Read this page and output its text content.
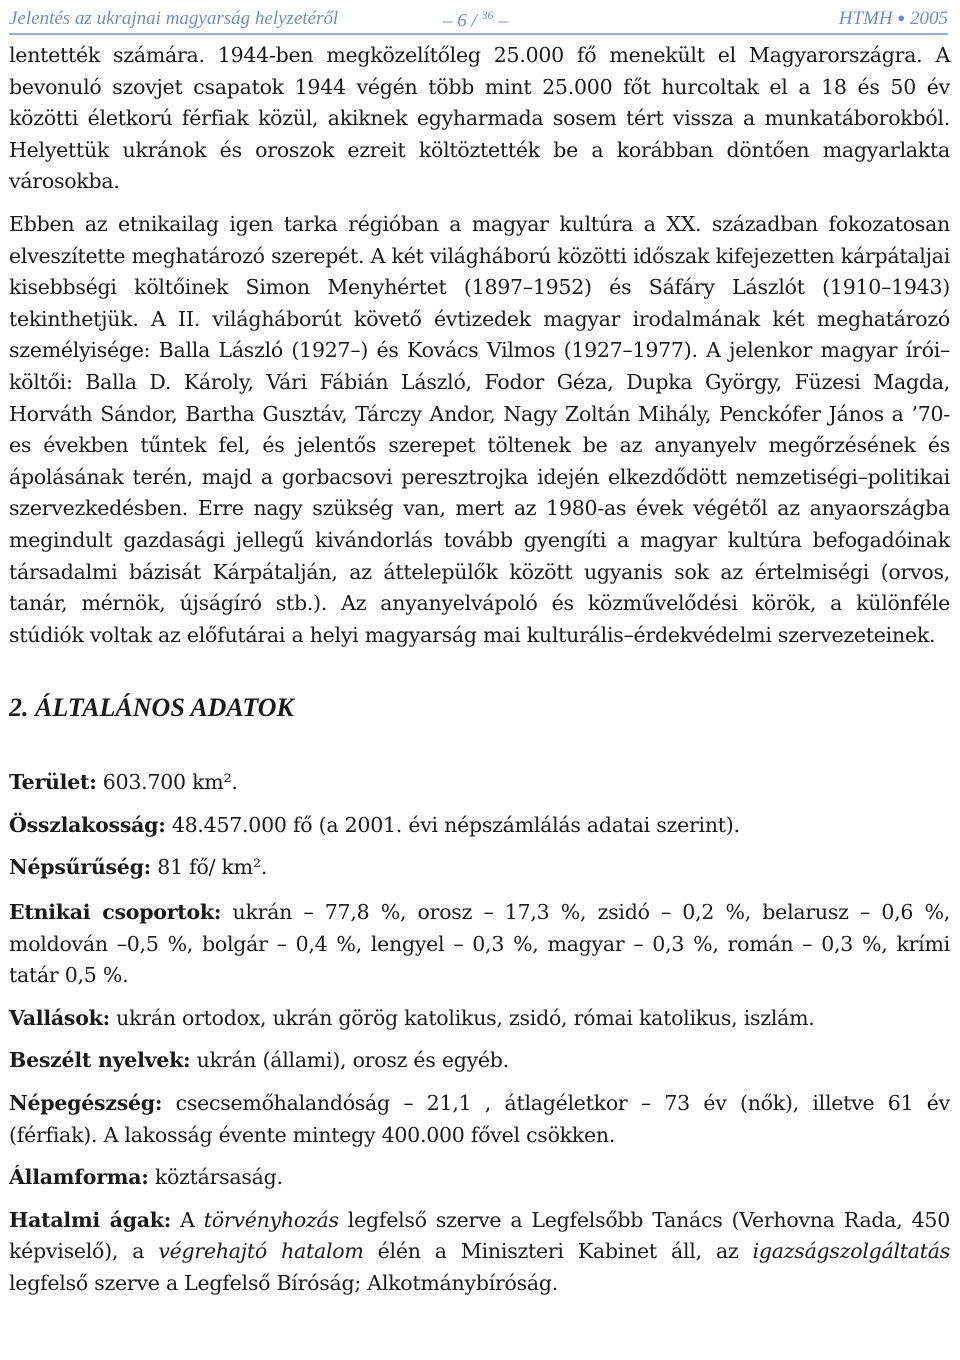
Jelentés az ukrajnai magyarság helyzetéről	– 6 / $^{36}$ –	HTMH ● 2005

lentették számára. 1944-ben megközelítőleg 25.000 fő menekült el Magyarországra. A bevonuló szovjet csapatok 1944 végén több mint 25.000 főt hurcoltak el a 18 és 50 év közötti életkorú férfiak közül, akiknek egyharmada sosem tért vissza a munkatáborokból. Helyettük ukránok és oroszok ezreit költöztették be a korábban döntően magyarlakta városokba.

Ebben az etnikailag igen tarka régióban a magyar kultúra a XX. században fokozatosan elveszítette meghatározó szerepét. A két világháború közötti időszak kifejezetten kárpátaljai kisebbségi költőinek Simon Menyhértet (1897–1952) és Sáfáry Lászlót (1910–1943) tekinthetjük. A II. világháborút követő évtizedek magyar irodalmának két meghatározó személyisége: Balla László (1927–) és Kovács Vilmos (1927–1977). A jelenkor magyar írói–költői: Balla D. Károly, Vári Fábián László, Fodor Géza, Dupka György, Füzesi Magda, Horváth Sándor, Bartha Gusztáv, Tárczy Andor, Nagy Zoltán Mihály, Penckófer János a ’70-es években tűntek fel, és jelentős szerepet töltenek be az anyanyelv megőrzésének és ápolásának terén, majd a gorbacsovi peresztrojka idején elkezdődött nemzetiségi–politikai szervezkedésben. Erre nagy szükség van, mert az 1980-as évek végétől az anyaországba megindult gazdasági jellegű kivándorlás tovább gyengíti a magyar kultúra befogadóinak társadalmi bázisát Kárpátalján, az áttelepülők között ugyanis sok az értelmiségi (orvos, tanár, mérnök, újságíró stb.). Az anyanyelvápoló és közművelődési körök, a különféle stúdiók voltak az előfutárai a helyi magyarság mai kulturális–érdekvédelmi szervezeteinek.

2. ÁLTALÁNOS ADATOK

Terület: 603.700 km².

Összlakosság: 48.457.000 fő (a 2001. évi népszámlálás adatai szerint).

Népsűrűség: 81 fő/ km².

Etnikai csoportok: ukrán – 77,8 %, orosz – 17,3 %, zsidó – 0,2 %, belarusz – 0,6 %, moldován –0,5 %, bolgár – 0,4 %, lengyel – 0,3 %, magyar – 0,3 %, román – 0,3 %, krími tatár 0,5 %.

Vallások: ukrán ortodox, ukrán görög katolikus, zsidó, római katolikus, iszlám.

Beszélt nyelvek: ukrán (állami), orosz és egyéb.

Népegészség: csecsemőhalandóság – 21,1 , átlagéletkor – 73 év (nők), illetve 61 év (férfiak). A lakosság évente mintegy 400.000 fővel csökken.

Államforma: köztársaság.

Hatalmi ágak: A törvényhozás legfelső szerve a Legfelsőbb Tanács (Verhovna Rada, 450 képviselő), a végrehajtó hatalom élén a Miniszteri Kabinet áll, az igazságszolgáltatás legfelső szerve a Legfelső Bíróság; Alkotmánybíróság.
